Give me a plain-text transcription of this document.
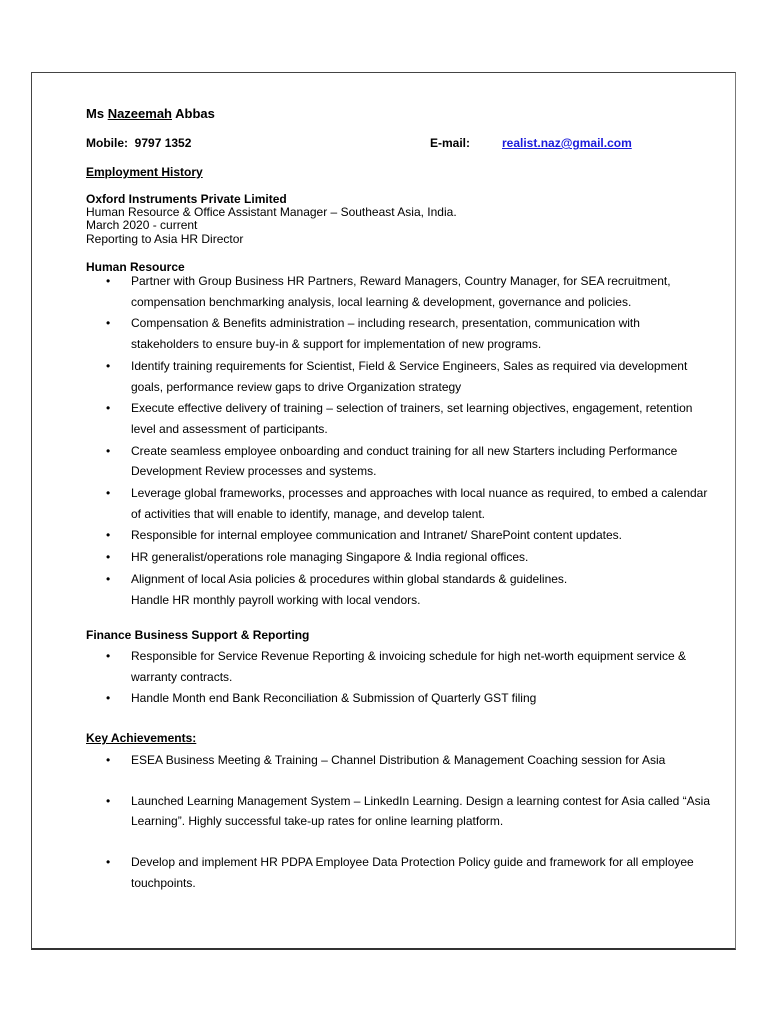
Ms Nazeemah Abbas
Mobile: 9797 1352	E-mail:	realist.naz@gmail.com
Employment History
Oxford Instruments Private Limited
Human Resource & Office Assistant Manager – Southeast Asia, India.
March 2020 - current
Reporting to Asia HR Director
Human Resource
• Partner with Group Business HR Partners, Reward Managers, Country Manager, for SEA recruitment, compensation benchmarking analysis, local learning & development, governance and policies.
• Compensation & Benefits administration – including research, presentation, communication with stakeholders to ensure buy-in & support for implementation of new programs.
• Identify training requirements for Scientist, Field & Service Engineers, Sales as required via development goals, performance review gaps to drive Organization strategy
• Execute effective delivery of training – selection of trainers, set learning objectives, engagement, retention level and assessment of participants.
• Create seamless employee onboarding and conduct training for all new Starters including Performance Development Review processes and systems.
• Leverage global frameworks, processes and approaches with local nuance as required, to embed a calendar of activities that will enable to identify, manage, and develop talent.
• Responsible for internal employee communication and Intranet/ SharePoint content updates.
• HR generalist/operations role managing Singapore & India regional offices.
• Alignment of local Asia policies & procedures within global standards & guidelines.
Handle HR monthly payroll working with local vendors.
Finance Business Support & Reporting
• Responsible for Service Revenue Reporting & invoicing schedule for high net-worth equipment service & warranty contracts.
• Handle Month end Bank Reconciliation & Submission of Quarterly GST filing
Key Achievements:
• ESEA Business Meeting & Training – Channel Distribution & Management Coaching session for Asia
• Launched Learning Management System – LinkedIn Learning. Design a learning contest for Asia called “Asia Learning”. Highly successful take-up rates for online learning platform.
• Develop and implement HR PDPA Employee Data Protection Policy guide and framework for all employee touchpoints.
